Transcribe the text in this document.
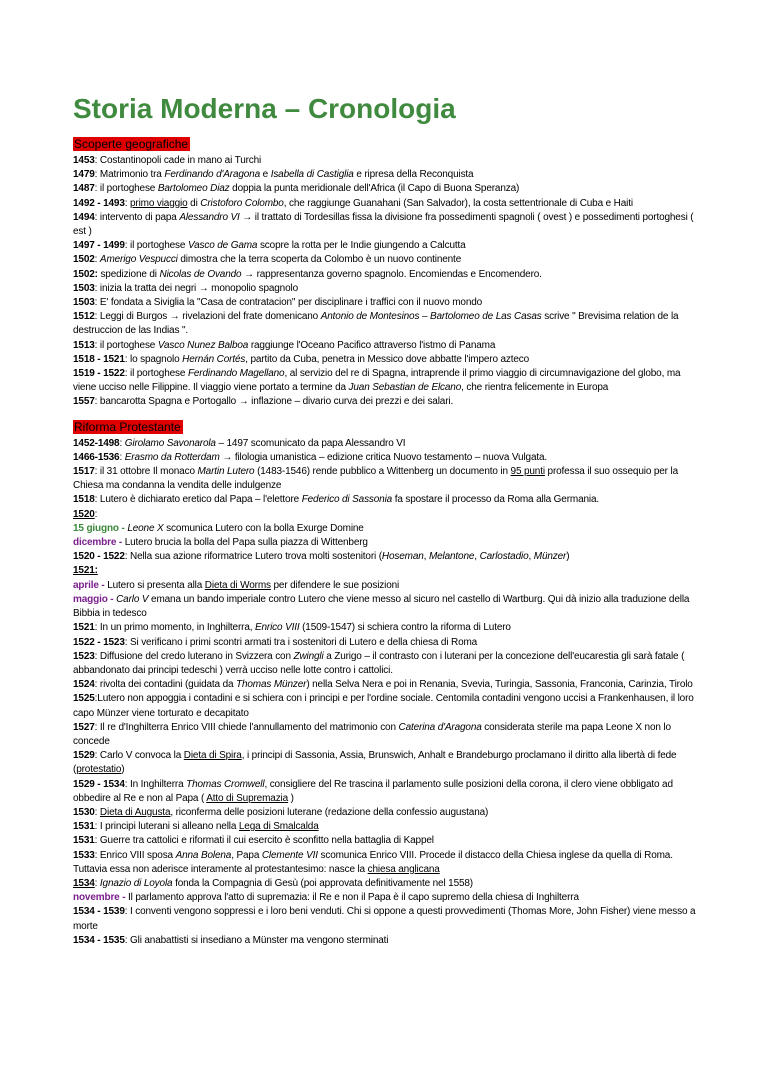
Storia Moderna – Cronologia
Scoperte geografiche

1453: Costantinopoli cade in mano ai Turchi

1479: Matrimonio tra Ferdinando d'Aragona e Isabella di Castiglia e ripresa della Reconquista

1487: il portoghese Bartolomeo Diaz doppia la punta meridionale dell'Africa (il Capo di Buona Speranza)

1492 - 1493: primo viaggio di Cristoforo Colombo, che raggiunge Guanahani (San Salvador), la costa settentrionale di Cuba e Haiti

1494: intervento di papa Alessandro VI → il trattato di Tordesillas fissa la divisione fra possedimenti spagnoli ( ovest ) e possedimenti portoghesi ( est )

1497 - 1499: il portoghese Vasco de Gama scopre la rotta per le Indie giungendo a Calcutta

1502: Amerigo Vespucci dimostra che la terra scoperta da Colombo è un nuovo continente

1502: spedizione di Nicolas de Ovando → rappresentanza governo spagnolo. Encomiendas e Encomendero.

1503: inizia la tratta dei negri → monopolio spagnolo

1503: E' fondata a Siviglia la "Casa de contratacion" per disciplinare i traffici con il nuovo mondo

1512: Leggi di Burgos → rivelazioni del frate domenicano Antonio de Montesinos – Bartolomeo de Las Casas scrive " Brevisima relation de la destruccion de las Indias ".

1513: il portoghese Vasco Nunez Balboa raggiunge l'Oceano Pacifico attraverso l'istmo di Panama

1518 - 1521: lo spagnolo Hernán Cortés, partito da Cuba, penetra in Messico dove abbatte l'impero azteco

1519 - 1522: il portoghese Ferdinando Magellano, al servizio del re di Spagna, intraprende il primo viaggio di circumnavigazione del globo, ma viene ucciso nelle Filippine. Il viaggio viene portato a termine da Juan Sebastian de Elcano, che rientra felicemente in Europa

1557: bancarotta Spagna e Portogallo → inflazione – divario curva dei prezzi e dei salari.

Riforma Protestante

1452-1498: Girolamo Savonarola – 1497 scomunicato da papa Alessandro VI

1466-1536: Erasmo da Rotterdam → filologia umanistica – edizione critica Nuovo testamento – nuova Vulgata.

1517: il 31 ottobre Il monaco Martin Lutero (1483-1546) rende pubblico a Wittenberg un documento in 95 punti professa il suo ossequio per la Chiesa ma condanna la vendita delle indulgenze

1518: Lutero è dichiarato eretico dal Papa – l'elettore Federico di Sassonia fa spostare il processo da Roma alla Germania.

1520:

15 giugno - Leone X scomunica Lutero con la bolla Exurge Domine

dicembre - Lutero brucia la bolla del Papa sulla piazza di Wittenberg

1520 - 1522: Nella sua azione riformatrice Lutero trova molti sostenitori (Hoseman, Melantone, Carlostadio, Münzer)

1521:

aprile - Lutero si presenta alla Dieta di Worms per difendere le sue posizioni

maggio - Carlo V emana un bando imperiale contro Lutero che viene messo al sicuro nel castello di Wartburg. Qui dà inizio alla traduzione della Bibbia in tedesco

1521: In un primo momento, in Inghilterra, Enrico VIII (1509-1547) si schiera contro la riforma di Lutero

1522 - 1523: Si verificano i primi scontri armati tra i sostenitori di Lutero e della chiesa di Roma

1523: Diffusione del credo luterano in Svizzera con Zwingli a Zurigo – il contrasto con i luterani per la concezione dell'eucarestia gli sarà fatale ( abbandonato dai principi tedeschi ) verrà ucciso nelle lotte contro i cattolici.

1524: rivolta dei contadini (guidata da Thomas Münzer) nella Selva Nera e poi in Renania, Svevia, Turingia, Sassonia, Franconia, Carinzia, Tirolo

1525:Lutero non appoggia i contadini e si schiera con i principi e per l'ordine sociale. Centomila contadini vengono uccisi a Frankenhausen, il loro capo Münzer viene torturato e decapitato

1527: Il re d'Inghilterra Enrico VIII chiede l'annullamento del matrimonio con Caterina d'Aragona considerata sterile ma papa Leone X non lo concede

1529: Carlo V convoca la Dieta di Spira, i principi di Sassonia, Assia, Brunswich, Anhalt e Brandeburgo proclamano il diritto alla libertà di fede (protestatio)

1529 - 1534: In Inghilterra Thomas Cromwell, consigliere del Re trascina il parlamento sulle posizioni della corona, il clero viene obbligato ad obbedire al Re e non al Papa ( Atto di Supremazia )

1530: Dieta di Augusta, riconferma delle posizioni luterane (redazione della confessio augustana)

1531: I principi luterani si alleano nella Lega di Smalcalda

1531: Guerre tra cattolici e riformati il cui esercito è sconfitto nella battaglia di Kappel

1533: Enrico VIII sposa Anna Bolena, Papa Clemente VII scomunica Enrico VIII. Procede il distacco della Chiesa inglese da quella di Roma. Tuttavia essa non aderisce interamente al protestantesimo: nasce la chiesa anglicana

1534: Ignazio di Loyola fonda la Compagnia di Gesù (poi approvata definitivamente nel 1558)

novembre - Il parlamento approva l'atto di supremazia: il Re e non il Papa è il capo supremo della chiesa di Inghilterra

1534 - 1539: I conventi vengono soppressi e i loro beni venduti. Chi si oppone a questi provvedimenti (Thomas More, John Fisher) viene messo a morte

1534 - 1535: Gli anabattisti si insediano a Münster ma vengono sterminati
